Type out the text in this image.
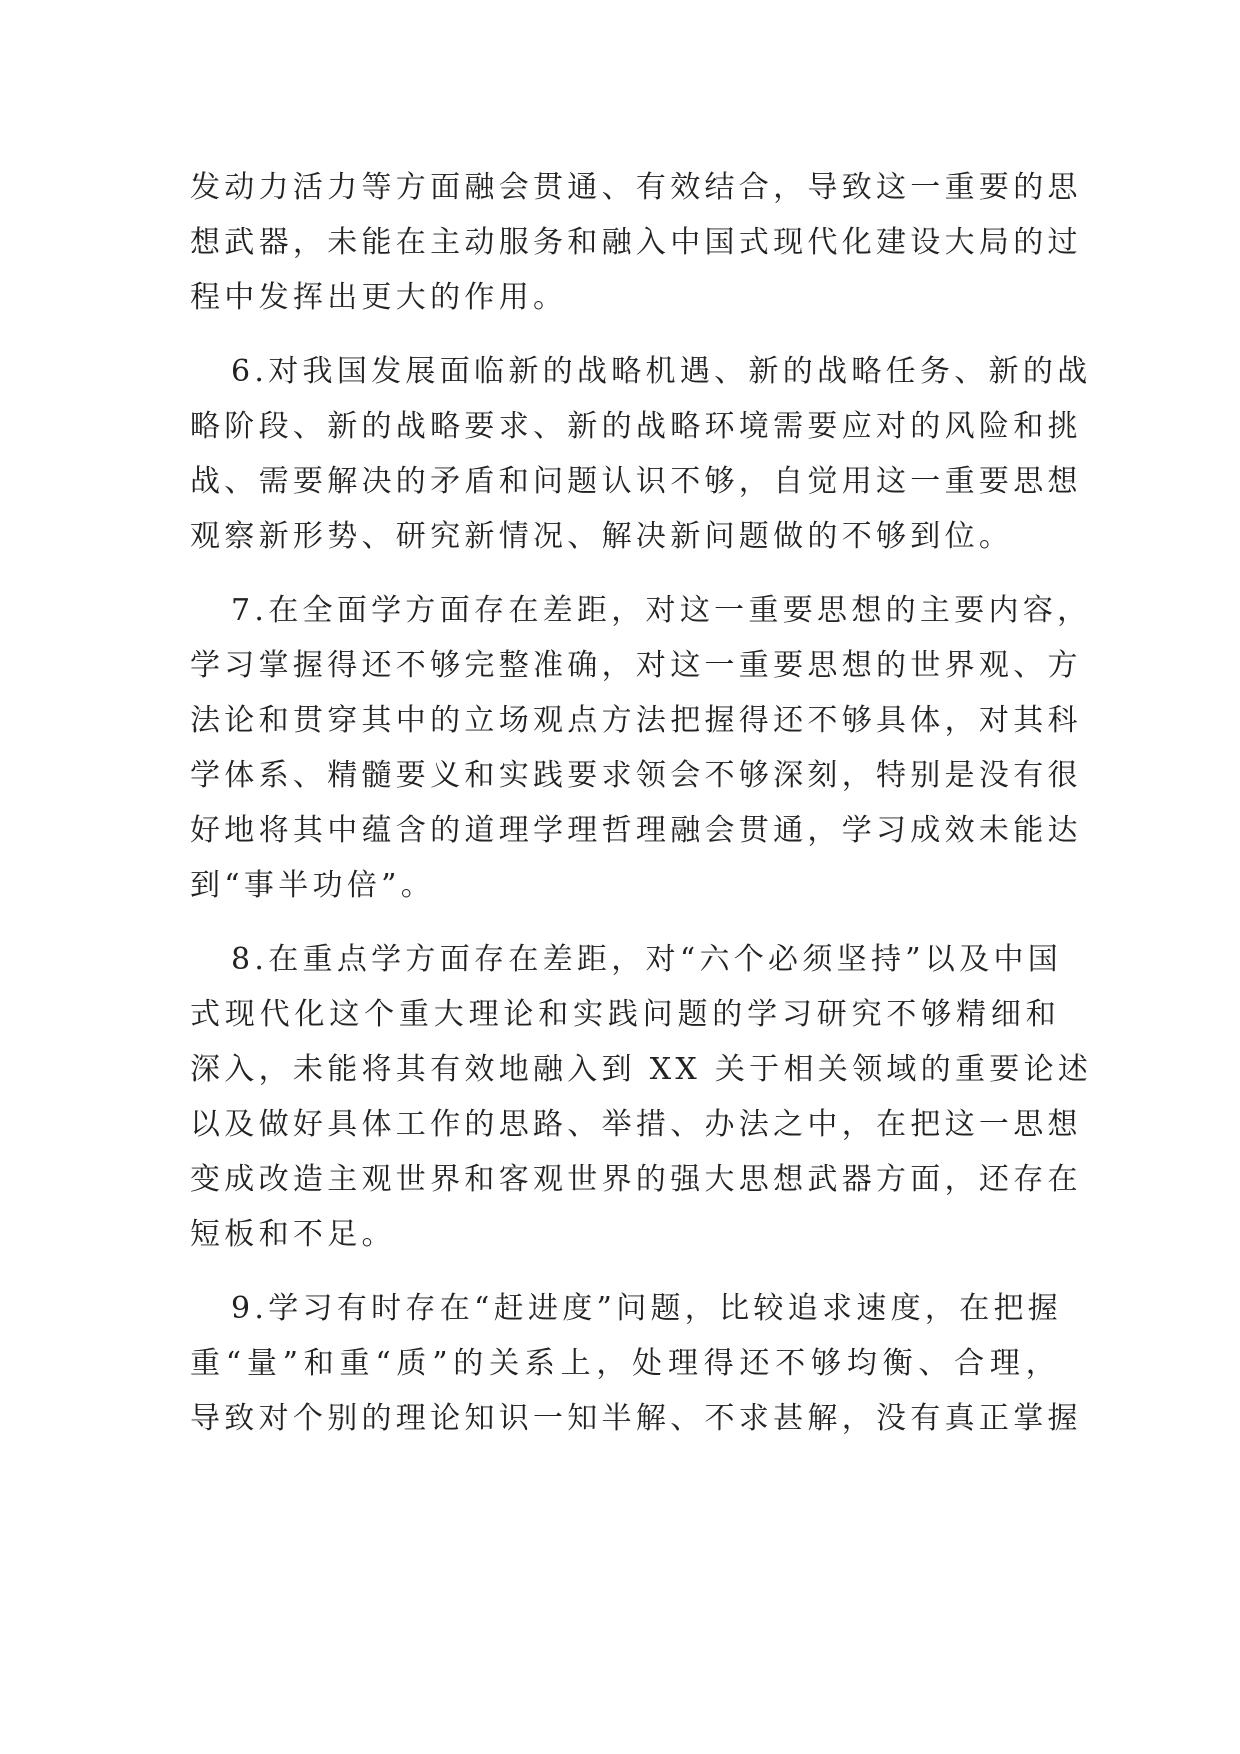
发动力活力等方面融会贯通、有效结合，导致这一重要的思
想武器，未能在主动服务和融入中国式现代化建设大局的过
程中发挥出更大的作用。

6.对我国发展面临新的战略机遇、新的战略任务、新的战
略阶段、新的战略要求、新的战略环境需要应对的风险和挑
战、需要解决的矛盾和问题认识不够，自觉用这一重要思想
观察新形势、研究新情况、解决新问题做的不够到位。

7.在全面学方面存在差距，对这一重要思想的主要内容，
学习掌握得还不够完整准确，对这一重要思想的世界观、方
法论和贯穿其中的立场观点方法把握得还不够具体，对其科
学体系、精髓要义和实践要求领会不够深刻，特别是没有很
好地将其中蕴含的道理学理哲理融会贯通，学习成效未能达
到“事半功倍”。

8.在重点学方面存在差距，对“六个必须坚持”以及中国
式现代化这个重大理论和实践问题的学习研究不够精细和
深入，未能将其有效地融入到 XX 关于相关领域的重要论述
以及做好具体工作的思路、举措、办法之中，在把这一思想
变成改造主观世界和客观世界的强大思想武器方面，还存在
短板和不足。

9.学习有时存在“赶进度”问题，比较追求速度，在把握
重“量”和重“质”的关系上，处理得还不够均衡、合理，
导致对个别的理论知识一知半解、不求甚解，没有真正掌握
